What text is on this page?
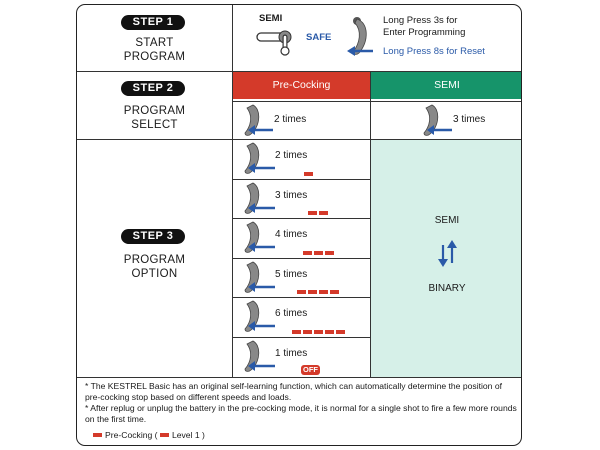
STEP 1
START
PROGRAM
STEP 2
PROGRAM
SELECT
STEP 3
PROGRAM
OPTION
SEMI
SAFE
Long Press 3s for
Enter Programming
Long Press 8s for Reset
Pre-Cocking	SEMI
2 times	3 times
SEMI
BINARY
2 times
3 times
4 times
5 times
6 times
1 times
OFF
* The KESTREL Basic has an original self-learning function, which can automatically determine the position of pre-cocking stop based on different speeds and loads.
* After replug or unplug the battery in the pre-cocking mode, it is normal for a single shot to fire a few more rounds on the first time.
Pre-Cocking ( Level 1 )
